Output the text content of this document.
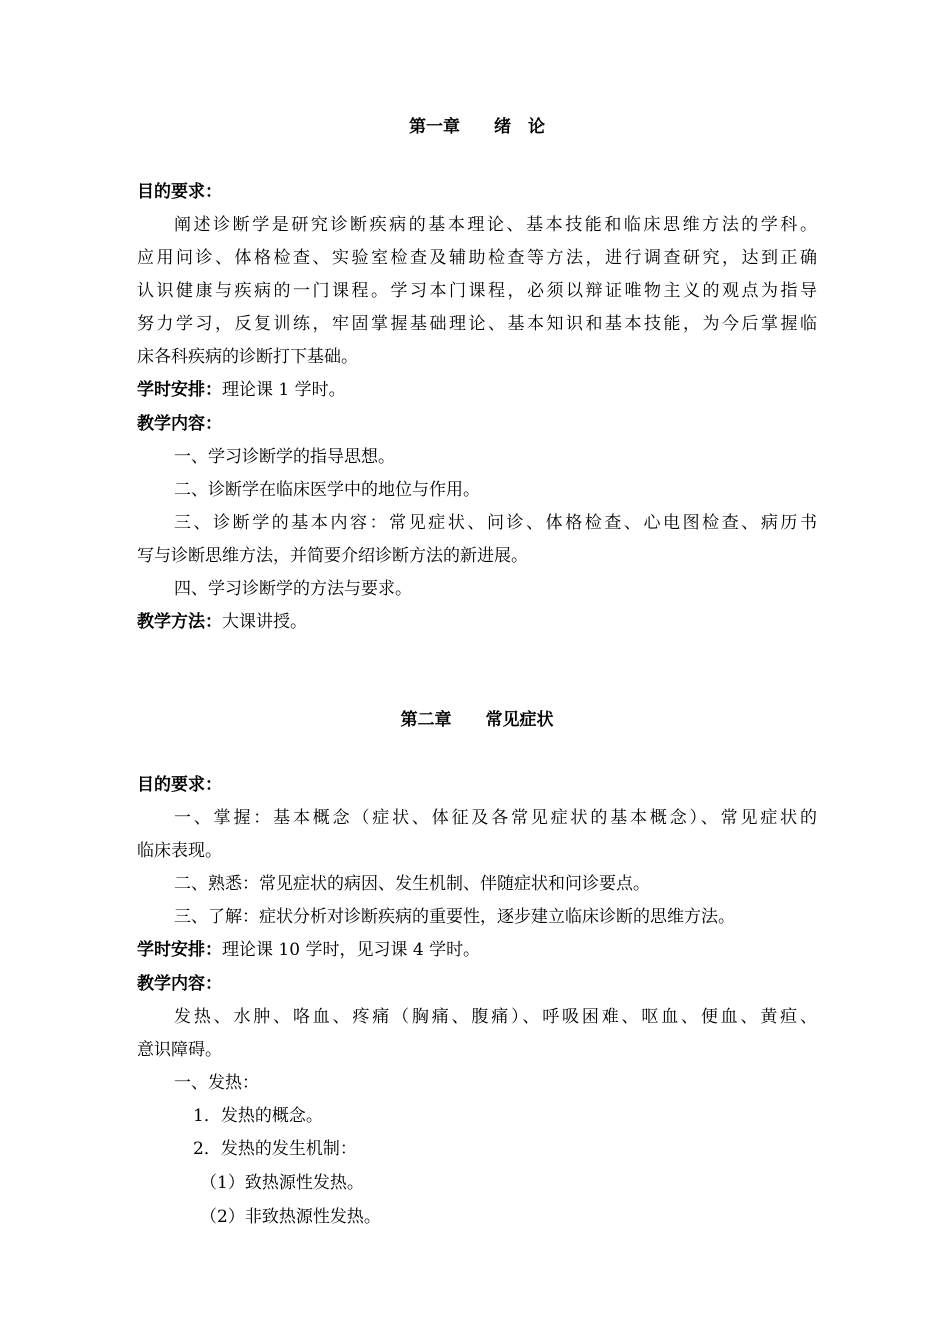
第一章　　绪　论
目的要求：
阐述诊断学是研究诊断疾病的基本理论、基本技能和临床思维方法的学科。
应用问诊、体格检查、实验室检查及辅助检查等方法，进行调查研究，达到正确
认识健康与疾病的一门课程。学习本门课程，必须以辩证唯物主义的观点为指导
努力学习，反复训练，牢固掌握基础理论、基本知识和基本技能，为今后掌握临
床各科疾病的诊断打下基础。
学时安排：理论课 1 学时。
教学内容：
一、学习诊断学的指导思想。
二、诊断学在临床医学中的地位与作用。
三、诊断学的基本内容：常见症状、问诊、体格检查、心电图检查、病历书
写与诊断思维方法，并简要介绍诊断方法的新进展。
四、学习诊断学的方法与要求。
教学方法：大课讲授。
第二章　　常见症状
目的要求：
一、掌握：基本概念（症状、体征及各常见症状的基本概念）、常见症状的
临床表现。
二、熟悉：常见症状的病因、发生机制、伴随症状和问诊要点。
三、了解：症状分析对诊断疾病的重要性，逐步建立临床诊断的思维方法。
学时安排：理论课 10 学时，见习课 4 学时。
教学内容：
发热、水肿、咯血、疼痛（胸痛、腹痛）、呼吸困难、呕血、便血、黄疸、
意识障碍。
一、发热：
1．发热的概念。
2．发热的发生机制：
（1）致热源性发热。
（2）非致热源性发热。
